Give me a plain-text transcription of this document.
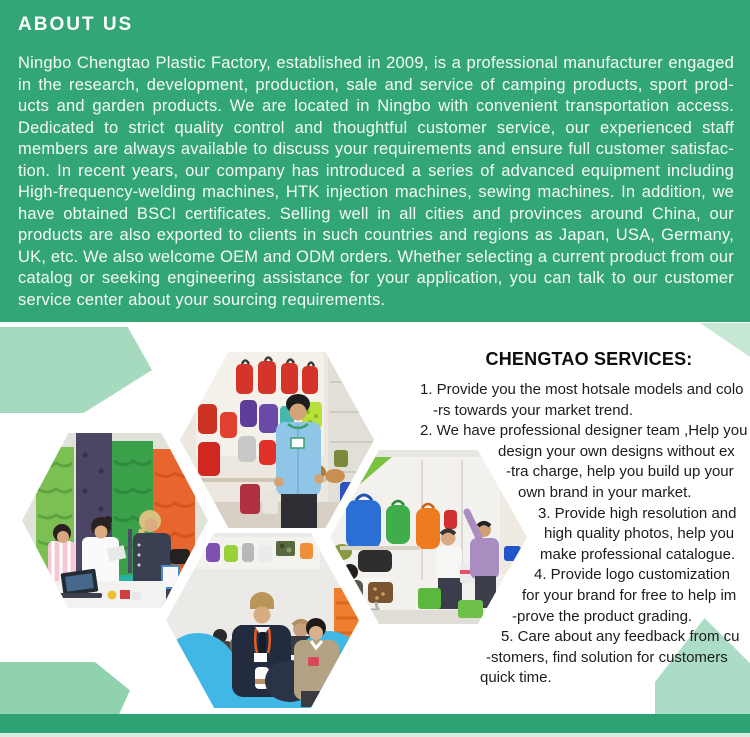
ABOUT US
Ningbo Chengtao Plastic Factory, established in 2009, is a professional manufacturer engaged
in the research, development, production, sale and service of camping products, sport prod-
ucts and garden products. We are located in Ningbo with convenient transportation access.
Dedicated to strict quality control and thoughtful customer service, our experienced staff
members are always available to discuss your requirements and ensure full customer satisfac-
tion. In recent years, our company has introduced a series of advanced equipment including
High-frequency-welding machines, HTK injection machines, sewing machines. In addition, we
have obtained BSCI certificates. Selling well in all cities and provinces around China, our
products are also exported to clients in such countries and regions as Japan, USA, Germany,
UK, etc. We also welcome OEM and ODM orders. Whether selecting a current product from our
catalog or seeking engineering assistance for your application, you can talk to our customer
service center about your sourcing requirements.
CHENGTAO SERVICES:
1. Provide you the most hotsale models and colo
-rs towards your market trend.
2. We have professional designer team ,Help you
design your own designs without ex
-tra charge, help you build up your
own brand in your market.
3. Provide high resolution and
high quality photos, help you
make professional catalogue.
4. Provide logo customization
for your brand for free to help im
-prove the product grading.
5. Care about any feedback from cu
-stomers, find solution for customers
quick time.
